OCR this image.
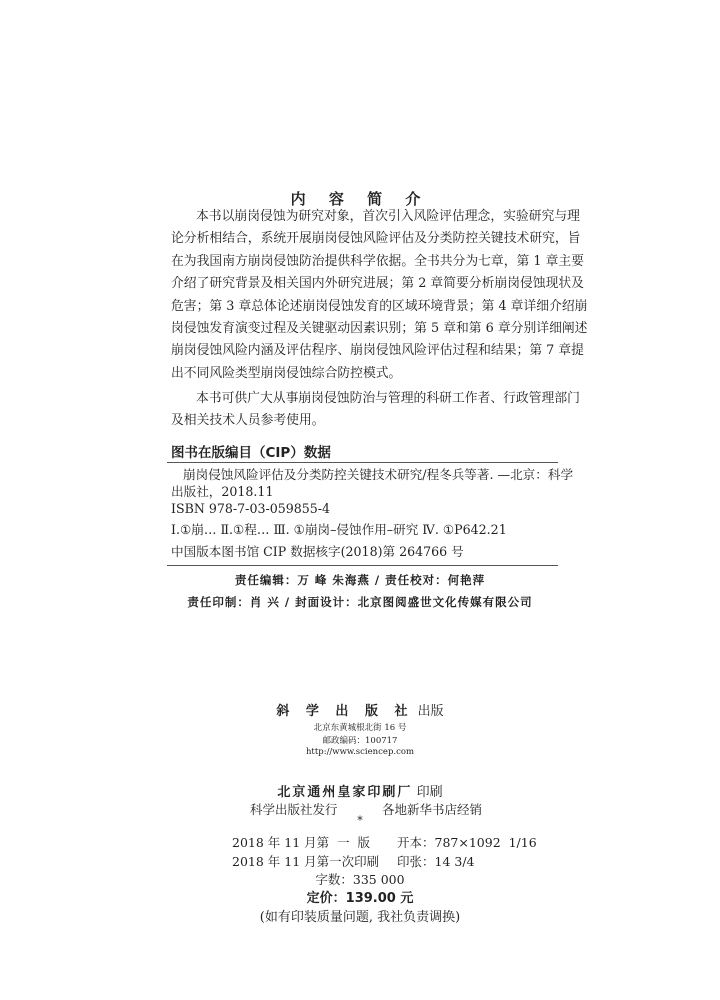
内 容 简 介
本书以崩岗侵蚀为研究对象，首次引入风险评估理念，实验研究与理
论分析相结合，系统开展崩岗侵蚀风险评估及分类防控关键技术研究，旨
在为我国南方崩岗侵蚀防治提供科学依据。全书共分为七章，第 1 章主要
介绍了研究背景及相关国内外研究进展；第 2 章简要分析崩岗侵蚀现状及
危害；第 3 章总体论述崩岗侵蚀发育的区域环境背景；第 4 章详细介绍崩
岗侵蚀发育演变过程及关键驱动因素识别；第 5 章和第 6 章分别详细阐述
崩岗侵蚀风险内涵及评估程序、崩岗侵蚀风险评估过程和结果；第 7 章提
出不同风险类型崩岗侵蚀综合防控模式。
本书可供广大从事崩岗侵蚀防治与管理的科研工作者、行政管理部门
及相关技术人员参考使用。
图书在版编目（CIP）数据
崩岗侵蚀风险评估及分类防控关键技术研究/程冬兵等著. —北京：科学
出版社，2018.11
ISBN 978-7-03-059855-4
Ⅰ.①崩… Ⅱ.①程… Ⅲ. ①崩岗–侵蚀作用–研究 Ⅳ. ①P642.21
中国版本图书馆 CIP 数据核字(2018)第 264766 号
责任编辑：万 峰 朱海燕 / 责任校对：何艳萍
责任印制：肖 兴 / 封面设计：北京图阅盛世文化传媒有限公司
斜 学 出 版 社 出版
北京东黄城根北街 16 号
邮政编码：100717
http://www.sciencep.com
北京通州皇家印刷厂 印刷
科学出版社发行	各地新华书店经销
*
2018 年 11 月第  一  版 开本：787×1092  1/16
2018 年 11 月第一次印刷 印张：14 3/4
字数：335 000
定价：139.00 元
(如有印装质量问题, 我社负责调换)
